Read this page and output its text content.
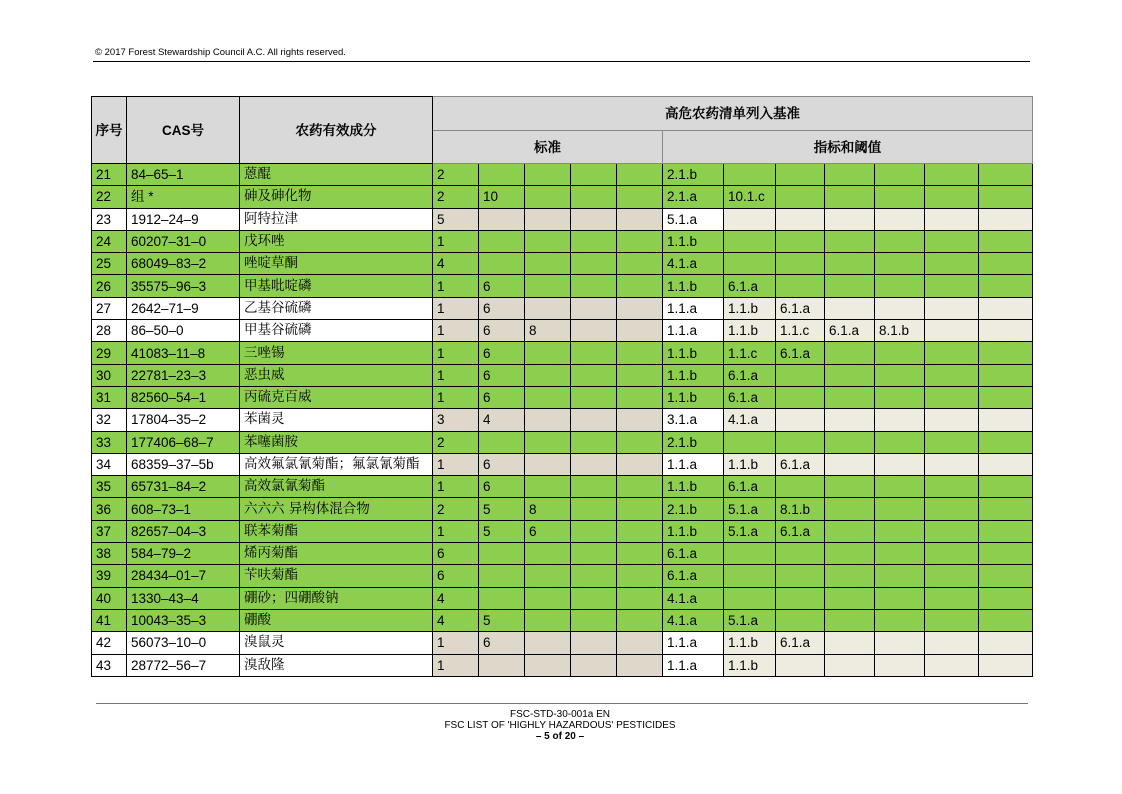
© 2017 Forest Stewardship Council A.C. All rights reserved.
序号	CAS号	农药有效成分	高危农药清单列入基准											
			标准					指标和阈值						
21	84–65–1	蒽醌	2					2.1.b						
22	组 *	砷及砷化物	2	10				2.1.a	10.1.c					
23	1912–24–9	阿特拉津	5					5.1.a						
24	60207–31–0	戊环唑	1					1.1.b						
25	68049–83–2	唑啶草酮	4					4.1.a						
26	35575–96–3	甲基吡啶磷	1	6				1.1.b	6.1.a					
27	2642–71–9	乙基谷硫磷	1	6				1.1.a	1.1.b	6.1.a				
28	86–50–0	甲基谷硫磷	1	6	8			1.1.a	1.1.b	1.1.c	6.1.a	8.1.b		
29	41083–11–8	三唑锡	1	6				1.1.b	1.1.c	6.1.a				
30	22781–23–3	恶虫威	1	6				1.1.b	6.1.a					
31	82560–54–1	丙硫克百威	1	6				1.1.b	6.1.a					
32	17804–35–2	苯菌灵	3	4				3.1.a	4.1.a					
33	177406–68–7	苯噻菌胺	2					2.1.b						
34	68359–37–5b	高效氟氯氰菊酯；氟氯氰菊酯	1	6				1.1.a	1.1.b	6.1.a				
35	65731–84–2	高效氯氰菊酯	1	6				1.1.b	6.1.a					
36	608–73–1	六六六 异构体混合物	2	5	8			2.1.b	5.1.a	8.1.b				
37	82657–04–3	联苯菊酯	1	5	6			1.1.b	5.1.a	6.1.a				
38	584–79–2	烯丙菊酯	6					6.1.a						
39	28434–01–7	苄呋菊酯	6					6.1.a						
40	1330–43–4	硼砂；四硼酸钠	4					4.1.a						
41	10043–35–3	硼酸	4	5				4.1.a	5.1.a					
42	56073–10–0	溴鼠灵	1	6				1.1.a	1.1.b	6.1.a				
43	28772–56–7	溴敌隆	1					1.1.a	1.1.b					
FSC-STD-30-001a EN
FSC LIST OF 'HIGHLY HAZARDOUS' PESTICIDES
– 5 of 20 –
